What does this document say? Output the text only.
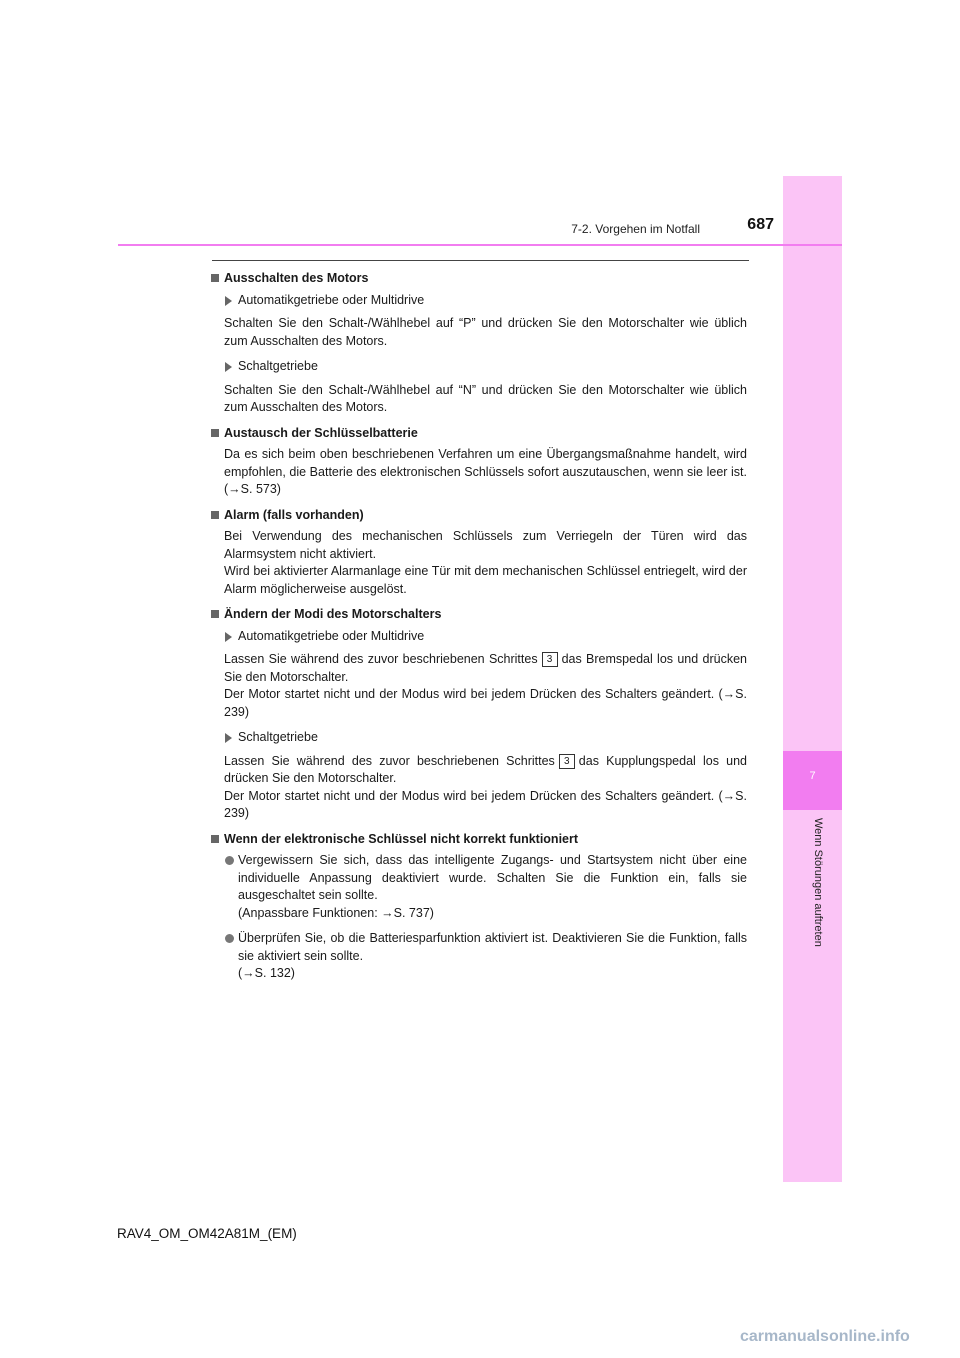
7
Wenn Störungen auftreten
7-2. Vorgehen im Notfall	687
Ausschalten des Motors
Automatikgetriebe oder Multidrive
Schalten Sie den Schalt-/Wählhebel auf “P” und drücken Sie den Motorschalter wie üblich zum Ausschalten des Motors.
Schaltgetriebe
Schalten Sie den Schalt-/Wählhebel auf “N” und drücken Sie den Motorschalter wie üblich zum Ausschalten des Motors.
Austausch der Schlüsselbatterie
Da es sich beim oben beschriebenen Verfahren um eine Übergangsmaßnahme handelt, wird empfohlen, die Batterie des elektronischen Schlüssels sofort auszutauschen, wenn sie leer ist. (→S. 573)
Alarm (falls vorhanden)
Bei Verwendung des mechanischen Schlüssels zum Verriegeln der Türen wird das Alarmsystem nicht aktiviert.
Wird bei aktivierter Alarmanlage eine Tür mit dem mechanischen Schlüssel entriegelt, wird der Alarm möglicherweise ausgelöst.
Ändern der Modi des Motorschalters
Automatikgetriebe oder Multidrive
Lassen Sie während des zuvor beschriebenen Schrittes 3 das Bremspedal los und drücken Sie den Motorschalter.
Der Motor startet nicht und der Modus wird bei jedem Drücken des Schalters geändert. (→S. 239)
Schaltgetriebe
Lassen Sie während des zuvor beschriebenen Schrittes 3 das Kupplungspedal los und drücken Sie den Motorschalter.
Der Motor startet nicht und der Modus wird bei jedem Drücken des Schalters geändert. (→S. 239)
Wenn der elektronische Schlüssel nicht korrekt funktioniert
Vergewissern Sie sich, dass das intelligente Zugangs- und Startsystem nicht über eine individuelle Anpassung deaktiviert wurde. Schalten Sie die Funktion ein, falls sie ausgeschaltet sein sollte.
(Anpassbare Funktionen: →S. 737)
Überprüfen Sie, ob die Batteriesparfunktion aktiviert ist. Deaktivieren Sie die Funktion, falls sie aktiviert sein sollte.
(→S. 132)
RAV4_OM_OM42A81M_(EM)
carmanualsonline.info
